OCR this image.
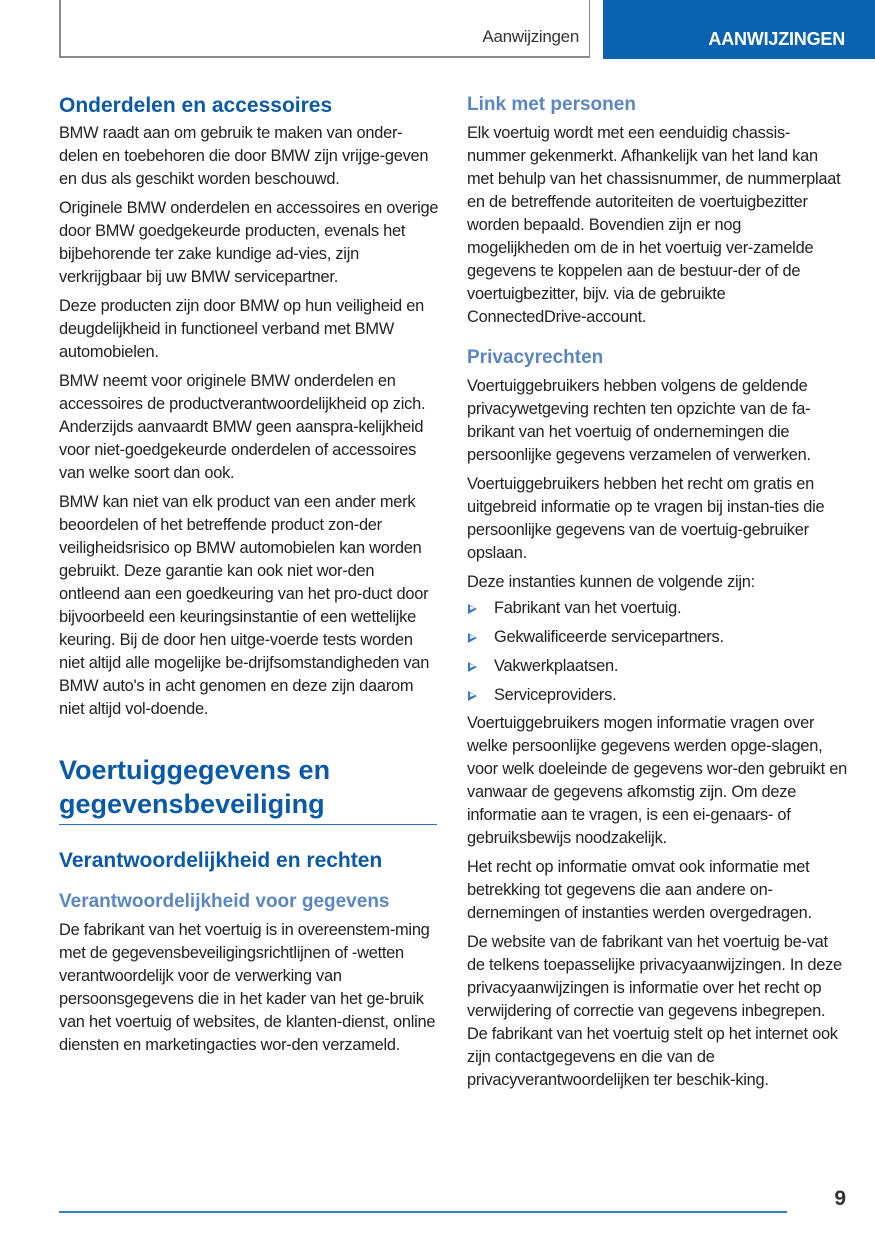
Aanwijzingen	AANWIJZINGEN
Onderdelen en accessoires

BMW raadt aan om gebruik te maken van onder-delen en toebehoren die door BMW zijn vrijge-geven en dus als geschikt worden beschouwd.

Originele BMW onderdelen en accessoires en overige door BMW goedgekeurde producten, evenals het bijbehorende ter zake kundige ad-vies, zijn verkrijgbaar bij uw BMW servicepartner.

Deze producten zijn door BMW op hun veiligheid en deugdelijkheid in functioneel verband met BMW automobielen.

BMW neemt voor originele BMW onderdelen en accessoires de productverantwoordelijkheid op zich. Anderzijds aanvaardt BMW geen aanspra-kelijkheid voor niet-goedgekeurde onderdelen of accessoires van welke soort dan ook.

BMW kan niet van elk product van een ander merk beoordelen of het betreffende product zon-der veiligheidsrisico op BMW automobielen kan worden gebruikt. Deze garantie kan ook niet wor-den ontleend aan een goedkeuring van het pro-duct door bijvoorbeeld een keuringsinstantie of een wettelijke keuring. Bij de door hen uitge-voerde tests worden niet altijd alle mogelijke be-drijfsomstandigheden van BMW auto's in acht genomen en deze zijn daarom niet altijd vol-doende.

Voertuiggegevens en gegevensbeveiliging
Verantwoordelijkheid en rechten
Verantwoordelijkheid voor gegevens

De fabrikant van het voertuig is in overeenstem-ming met de gegevensbeveiligingsrichtlijnen of -wetten verantwoordelijk voor de verwerking van persoonsgegevens die in het kader van het ge-bruik van het voertuig of websites, de klanten-dienst, online diensten en marketingacties wor-den verzameld.

Link met personen

Elk voertuig wordt met een eenduidig chassis-nummer gekenmerkt. Afhankelijk van het land kan met behulp van het chassisnummer, de nummerplaat en de betreffende autoriteiten de voertuigbezitter worden bepaald. Bovendien zijn er nog mogelijkheden om de in het voertuig ver-zamelde gegevens te koppelen aan de bestuur-der of de voertuigbezitter, bijv. via de gebruikte ConnectedDrive-account.

Privacyrechten

Voertuiggebruikers hebben volgens de geldende privacywetgeving rechten ten opzichte van de fa-brikant van het voertuig of ondernemingen die persoonlijke gegevens verzamelen of verwerken.

Voertuiggebruikers hebben het recht om gratis en uitgebreid informatie op te vragen bij instan-ties die persoonlijke gegevens van de voertuig-gebruiker opslaan.

Deze instanties kunnen de volgende zijn:

Fabrikant van het voertuig.
Gekwalificeerde servicepartners.
Vakwerkplaatsen.
Serviceproviders.

Voertuiggebruikers mogen informatie vragen over welke persoonlijke gegevens werden opge-slagen, voor welk doeleinde de gegevens wor-den gebruikt en vanwaar de gegevens afkomstig zijn. Om deze informatie aan te vragen, is een ei-genaars- of gebruiksbewijs noodzakelijk.

Het recht op informatie omvat ook informatie met betrekking tot gegevens die aan andere on-dernemingen of instanties werden overgedragen.

De website van de fabrikant van het voertuig be-vat de telkens toepasselijke privacyaanwijzingen. In deze privacyaanwijzingen is informatie over het recht op verwijdering of correctie van gegevens inbegrepen. De fabrikant van het voertuig stelt op het internet ook zijn contactgegevens en die van de privacyverantwoordelijken ter beschik-king.

9
